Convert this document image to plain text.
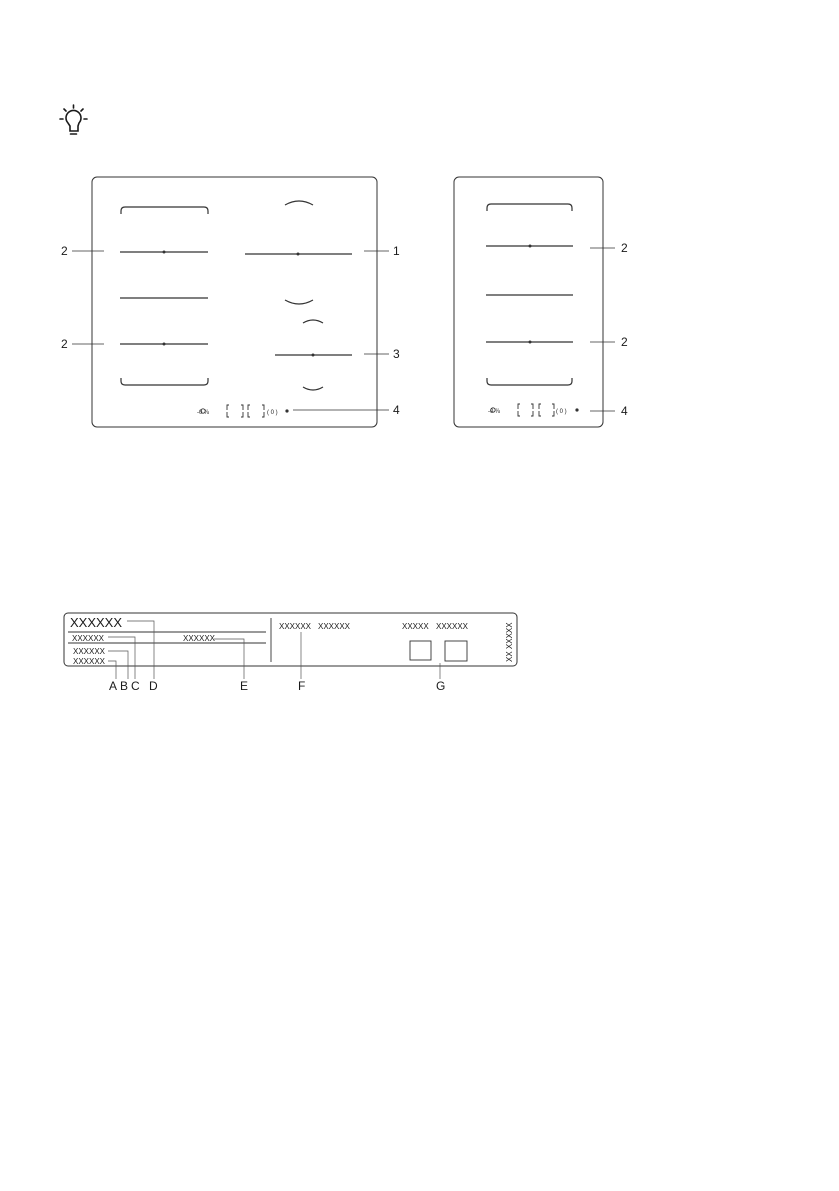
-0 ⅞	( 0 )
2
2
1
3
4	-0 ⅞	( 0 )
2
2
4
XXXXXX
XXXXXX	XXXXXX
XXXXXX
XXXXXX
XXXXXX XXXXXX	XXXXX XXXXXX	XX XXXXX
A B C D	E	F	G
